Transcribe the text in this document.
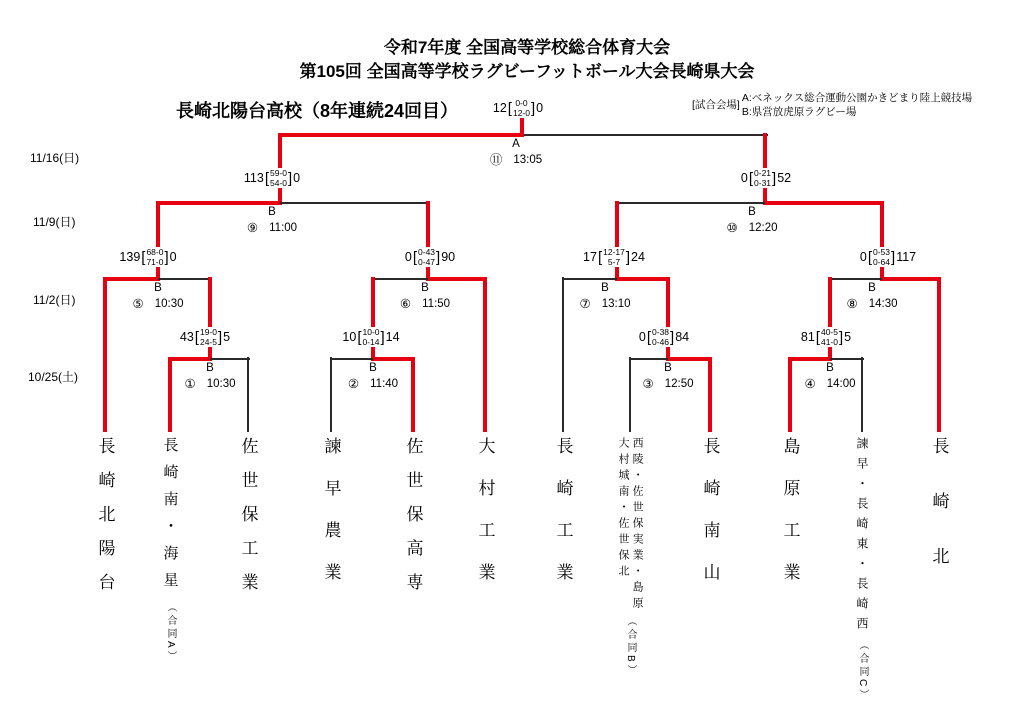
令和7年度 全国高等学校総合体育大会
第105回 全国高等学校ラグビーフットボール大会長崎県大会
長崎北陽台高校（8年連続24回目）	[試合会場]
A:ベネックス総合運動公園かきどまり陸上競技場
B:県営放虎原ラグビー場
11/16(日)
11/9(日)
11/2(日)
10/25(土)
43 [ 19-0
24-5 ] 5	10 [ 10-0
0-14 ] 14	0 [ 0-38
0-46 ] 84	81 [ 40-5
41-0 ] 5
139 [ 68-0
71-0 ] 0	0 [ 0-43
0-47 ] 90	17 [ 12-17
5-7 ] 24	0 [ 0-53
0-64 ] 117
113 [ 59-0
54-0 ] 0	0 [ 0-21
0-31 ] 52
12 [ 0-0
12-0 ] 0
B
① 10:30
B
② 11:40
B
③ 12:50
B
④ 14:00
B
⑤ 10:30
B
⑥ 11:50
B
⑦ 13:10
B
⑧ 14:30
B
⑨ 11:00
B
⑩ 12:20
A
⑪ 13:05
長崎北陽台	長崎南・海星
（合同A）
佐世保工業	諫早農業	佐世保高専	大村工業	長崎工業	西陵・佐世保実業・島原
大村城南・佐世保北
（合同B）
長崎南山	島原工業	諫早・長崎東・長崎西
（合同C）
長崎北
